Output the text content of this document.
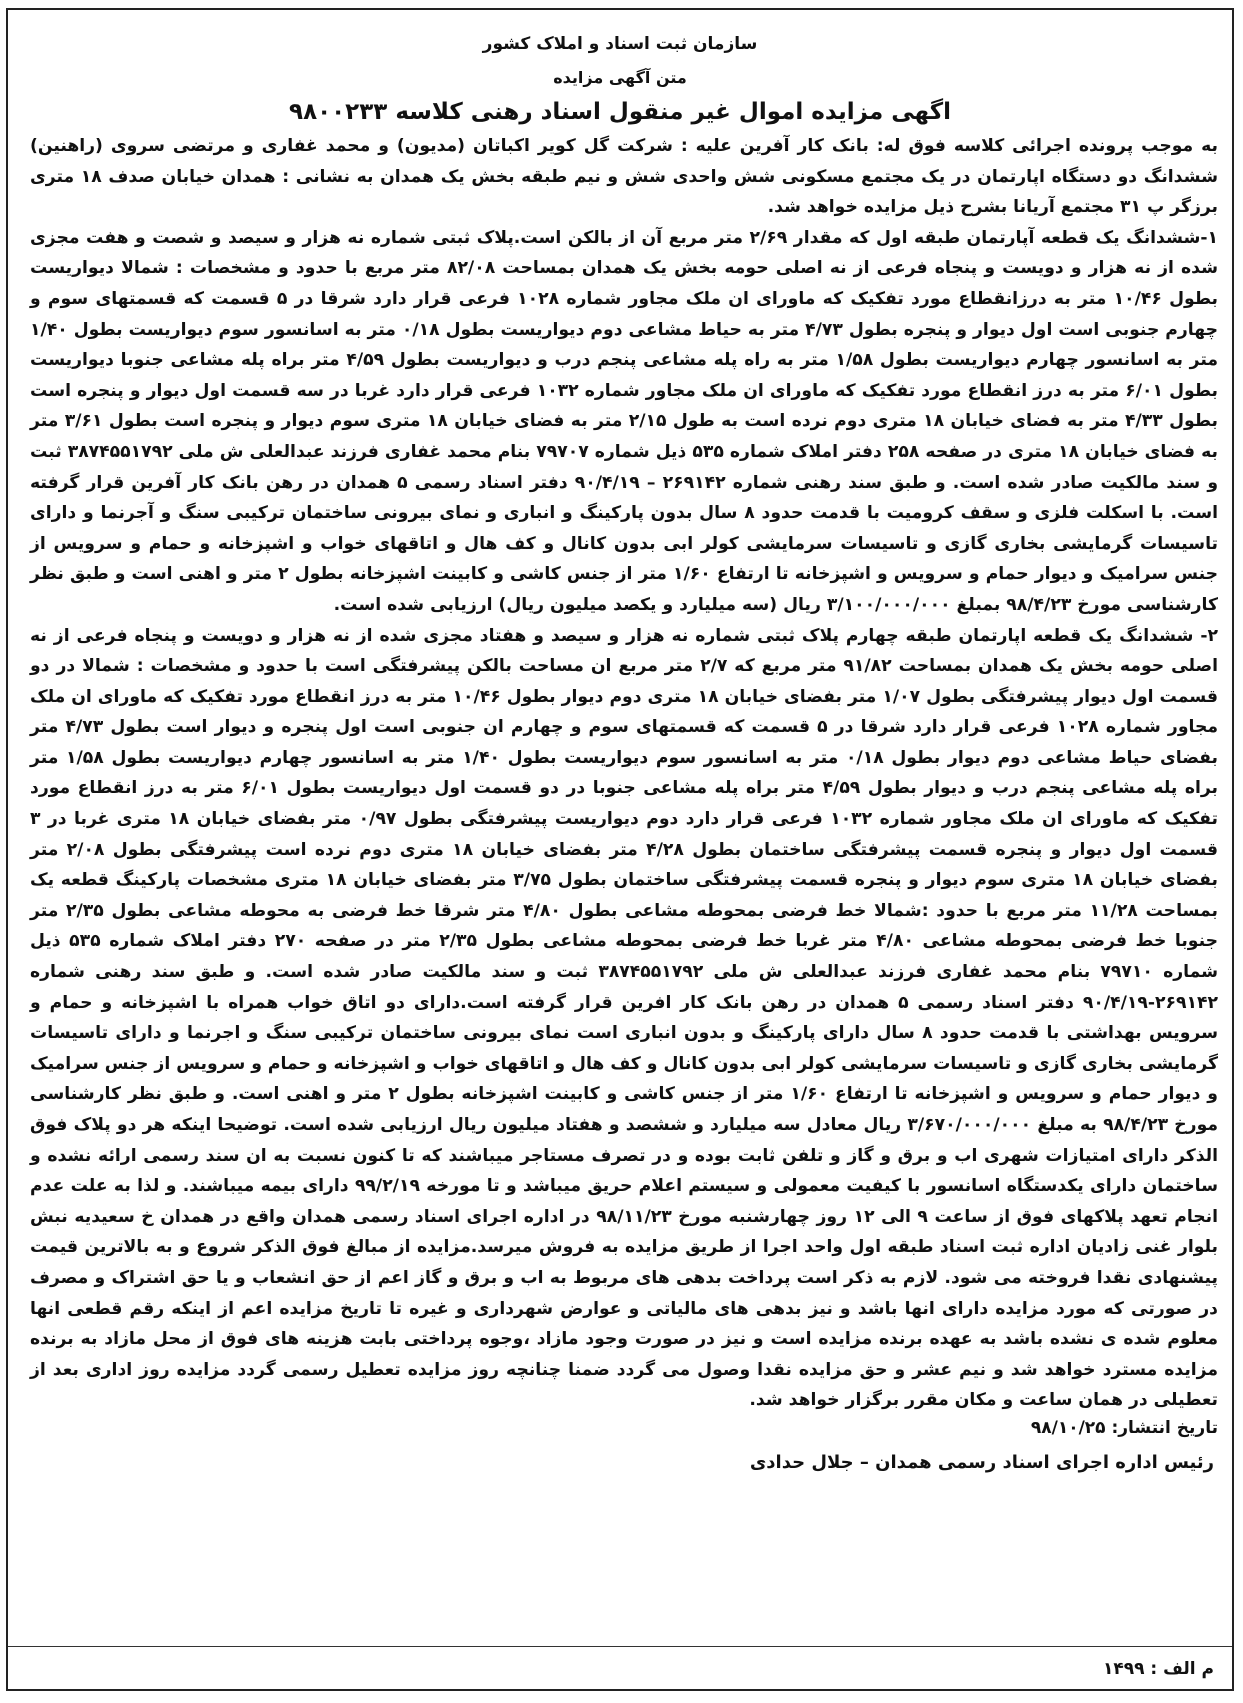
سازمان ثبت اسناد و املاک کشور
متن آگهی مزایده
اگهی مزایده اموال غیر منقول اسناد رهنی کلاسه ۹۸۰۰۲۳۳

به موجب پرونده اجرائی کلاسه فوق له: بانک کار آفرین علیه : شرکت گل کویر اکباتان (مدیون) و محمد غفاری و مرتضی سروی (راهنین) ششدانگ دو دستگاه اپارتمان در یک مجتمع مسکونی شش واحدی شش و نیم طبقه بخش یک همدان به نشانی : همدان خیابان صدف ۱۸ متری برزگر پ ۳۱ مجتمع آریانا بشرح ذیل مزایده خواهد شد.

۱-ششدانگ یک قطعه آپارتمان طبقه اول که مقدار ۲/۶۹ متر مربع آن از بالکن است.پلاک ثبتی شماره نه هزار و سیصد و شصت و هفت مجزی شده از نه هزار و دویست و پنجاه فرعی از نه اصلی حومه بخش یک همدان بمساحت ۸۲/۰۸ متر مربع با حدود و مشخصات : شمالا دیواریست بطول ۱۰/۴۶ متر به درزانقطاع مورد تفکیک که ماورای ان ملک مجاور شماره ۱۰۲۸ فرعی قرار دارد شرقا در ۵ قسمت که قسمتهای سوم و چهارم جنوبی است اول دیوار و پنجره بطول ۴/۷۳ متر به حیاط مشاعی دوم دیواریست بطول ۰/۱۸ متر به اسانسور سوم دیواریست بطول ۱/۴۰ متر به اسانسور چهارم دیواریست بطول ۱/۵۸ متر به راه پله مشاعی پنجم درب و دیواریست بطول ۴/۵۹ متر براه پله مشاعی جنوبا دیواریست بطول ۶/۰۱ متر به درز انقطاع مورد تفکیک که ماورای ان ملک مجاور شماره ۱۰۳۲ فرعی قرار دارد غربا در سه قسمت اول دیوار و پنجره است بطول ۴/۳۳ متر به فضای خیابان ۱۸ متری دوم نرده است به طول ۲/۱۵ متر به فضای خیابان ۱۸ متری سوم دیوار و پنجره است بطول ۳/۶۱ متر به فضای خیابان ۱۸ متری در صفحه ۲۵۸ دفتر املاک شماره ۵۳۵ ذیل شماره ۷۹۷۰۷ بنام محمد غفاری فرزند عبدالعلی ش ملی ۳۸۷۴۵۵۱۷۹۲ ثبت و سند مالکیت صادر شده است. و طبق سند رهنی شماره ۲۶۹۱۴۲ – ۹۰/۴/۱۹ دفتر اسناد رسمی ۵ همدان در رهن بانک کار آفرین قرار گرفته است. با اسکلت فلزی و سقف کرومیت با قدمت حدود ۸ سال بدون پارکینگ و انباری و نمای بیرونی ساختمان ترکیبی سنگ و آجرنما و دارای تاسیسات گرمایشی بخاری گازی و تاسیسات سرمایشی کولر ابی بدون کانال و کف هال و اتاقهای خواب و اشپزخانه و حمام و سرویس از جنس سرامیک و دیوار حمام و سرویس و اشپزخانه تا ارتفاع ۱/۶۰ متر از جنس کاشی و کابینت اشپزخانه بطول ۲ متر و اهنی است و طبق نظر کارشناسی مورخ ۹۸/۴/۲۳ بمبلغ ۳/۱۰۰/۰۰۰/۰۰۰ ریال (سه میلیارد و یکصد میلیون ریال) ارزیابی شده است.

۲- ششدانگ یک قطعه اپارتمان طبقه چهارم پلاک ثبتی شماره نه هزار و سیصد و هفتاد مجزی شده از نه هزار و دویست و پنجاه فرعی از نه اصلی حومه بخش یک همدان بمساحت ۹۱/۸۲ متر مربع که ۲/۷ متر مربع ان مساحت بالکن پیشرفتگی است با حدود و مشخصات : شمالا در دو قسمت اول دیوار پیشرفتگی بطول ۱/۰۷ متر بفضای خیابان ۱۸ متری دوم دیوار بطول ۱۰/۴۶ متر به درز انقطاع مورد تفکیک که ماورای ان ملک مجاور شماره ۱۰۲۸ فرعی قرار دارد شرقا در ۵ قسمت که قسمتهای سوم و چهارم ان جنوبی است اول پنجره و دیوار است بطول ۴/۷۳ متر بفضای حیاط مشاعی دوم دیوار بطول ۰/۱۸ متر به اسانسور سوم دیواریست بطول ۱/۴۰ متر به اسانسور چهارم دیواریست بطول ۱/۵۸ متر براه پله مشاعی پنجم درب و دیوار بطول ۴/۵۹ متر براه پله مشاعی جنوبا در دو قسمت اول دیواریست بطول ۶/۰۱ متر به درز انقطاع مورد تفکیک که ماورای ان ملک مجاور شماره ۱۰۳۲ فرعی قرار دارد دوم دیواریست پیشرفتگی بطول ۰/۹۷ متر بفضای خیابان ۱۸ متری غربا در ۳ قسمت اول دیوار و پنجره قسمت پیشرفتگی ساختمان بطول ۴/۲۸ متر بفضای خیابان ۱۸ متری دوم نرده است پیشرفتگی بطول ۲/۰۸ متر بفضای خیابان ۱۸ متری سوم دیوار و پنجره قسمت پیشرفتگی ساختمان بطول ۳/۷۵ متر بفضای خیابان ۱۸ متری مشخصات پارکینگ قطعه یک بمساحت ۱۱/۲۸ متر مربع با حدود :شمالا خط فرضی بمحوطه مشاعی بطول ۴/۸۰ متر شرقا خط فرضی به محوطه مشاعی بطول ۲/۳۵ متر جنوبا خط فرضی بمحوطه مشاعی ۴/۸۰ متر غربا خط فرضی بمحوطه مشاعی بطول ۲/۳۵ متر در صفحه ۲۷۰ دفتر املاک شماره ۵۳۵ ذیل شماره ۷۹۷۱۰ بنام محمد غفاری فرزند عبدالعلی ش ملی ۳۸۷۴۵۵۱۷۹۲ ثبت و سند مالکیت صادر شده است. و طبق سند رهنی شماره ۲۶۹۱۴۲-۹۰/۴/۱۹ دفتر اسناد رسمی ۵ همدان در رهن بانک کار افرین قرار گرفته است.دارای دو اتاق خواب همراه با اشپزخانه و حمام و سرویس بهداشتی با قدمت حدود ۸ سال دارای پارکینگ و بدون انباری است نمای بیرونی ساختمان ترکیبی سنگ و اجرنما و دارای تاسیسات گرمایشی بخاری گازی و تاسیسات سرمایشی کولر ابی بدون کانال و کف هال و اتاقهای خواب و اشپزخانه و حمام و سرویس از جنس سرامیک و دیوار حمام و سرویس و اشپزخانه تا ارتفاع ۱/۶۰ متر از جنس کاشی و کابینت اشپزخانه بطول ۲ متر و اهنی است. و طبق نظر کارشناسی مورخ ۹۸/۴/۲۳ به مبلغ ۳/۶۷۰/۰۰۰/۰۰۰ ریال معادل سه میلیارد و ششصد و هفتاد میلیون ریال ارزیابی شده است. توضیحا اینکه هر دو پلاک فوق الذکر دارای امتیازات شهری اب و برق و گاز و تلفن ثابت بوده و در تصرف مستاجر میباشند که تا کنون نسبت به ان سند رسمی ارائه نشده و ساختمان دارای یکدستگاه اسانسور با کیفیت معمولی و سیستم اعلام حریق میباشد و تا مورخه ۹۹/۲/۱۹ دارای بیمه میباشند. و لذا به علت عدم انجام تعهد پلاکهای فوق از ساعت ۹ الی ۱۲ روز چهارشنبه مورخ ۹۸/۱۱/۲۳ در اداره اجرای اسناد رسمی همدان واقع در همدان خ سعیدیه نبش بلوار غنی زادیان اداره ثبت اسناد طبقه اول واحد اجرا از طریق مزایده به فروش میرسد.مزایده از مبالغ فوق الذکر شروع و به بالاترین قیمت پیشنهادی نقدا فروخته می شود. لازم به ذکر است پرداخت بدهی های مربوط به اب و برق و گاز اعم از حق انشعاب و یا حق اشتراک و مصرف در صورتی که مورد مزایده دارای انها باشد و نیز بدهی های مالیاتی و عوارض شهرداری و غیره تا تاریخ مزایده اعم از اینکه رقم قطعی انها معلوم شده ی نشده باشد به عهده برنده مزایده است و نیز در صورت وجود مازاد ،وجوه پرداختی بابت هزینه های فوق از محل مازاد به برنده مزایده مسترد خواهد شد و نیم عشر و حق مزایده نقدا وصول می گردد ضمنا چنانچه روز مزایده تعطیل رسمی گردد مزایده روز اداری بعد از تعطیلی در همان ساعت و مکان مقرر برگزار خواهد شد.

تاریخ انتشار: ۹۸/۱۰/۲۵
رئیس اداره اجرای اسناد رسمی همدان – جلال حدادی
م الف : ۱۴۹۹
